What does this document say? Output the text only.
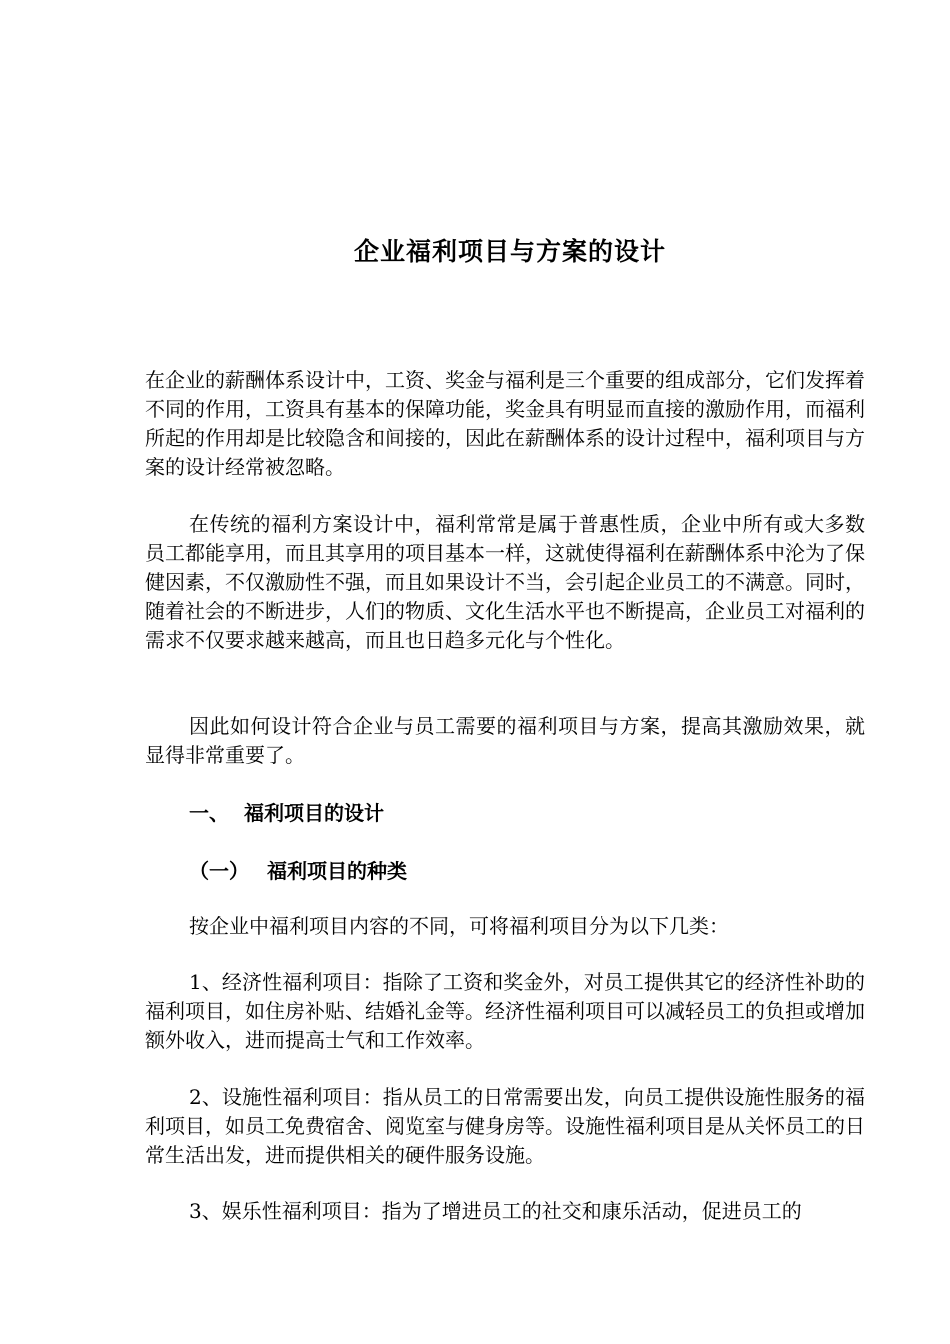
企业福利项目与方案的设计
在企业的薪酬体系设计中，工资、奖金与福利是三个重要的组成部分，它们发挥着不同的作用，工资具有基本的保障功能，奖金具有明显而直接的激励作用，而福利所起的作用却是比较隐含和间接的，因此在薪酬体系的设计过程中，福利项目与方案的设计经常被忽略。
在传统的福利方案设计中，福利常常是属于普惠性质，企业中所有或大多数员工都能享用，而且其享用的项目基本一样，这就使得福利在薪酬体系中沦为了保健因素，不仅激励性不强，而且如果设计不当，会引起企业员工的不满意。同时，随着社会的不断进步，人们的物质、文化生活水平也不断提高，企业员工对福利的需求不仅要求越来越高，而且也日趋多元化与个性化。
因此如何设计符合企业与员工需要的福利项目与方案，提高其激励效果，就显得非常重要了。
一、 福利项目的设计
（一） 福利项目的种类
按企业中福利项目内容的不同，可将福利项目分为以下几类：
1、经济性福利项目：指除了工资和奖金外，对员工提供其它的经济性补助的福利项目，如住房补贴、结婚礼金等。经济性福利项目可以减轻员工的负担或增加额外收入，进而提高士气和工作效率。
2、设施性福利项目：指从员工的日常需要出发，向员工提供设施性服务的福利项目，如员工免费宿舍、阅览室与健身房等。设施性福利项目是从关怀员工的日常生活出发，进而提供相关的硬件服务设施。
3、娱乐性福利项目：指为了增进员工的社交和康乐活动，促进员工的
